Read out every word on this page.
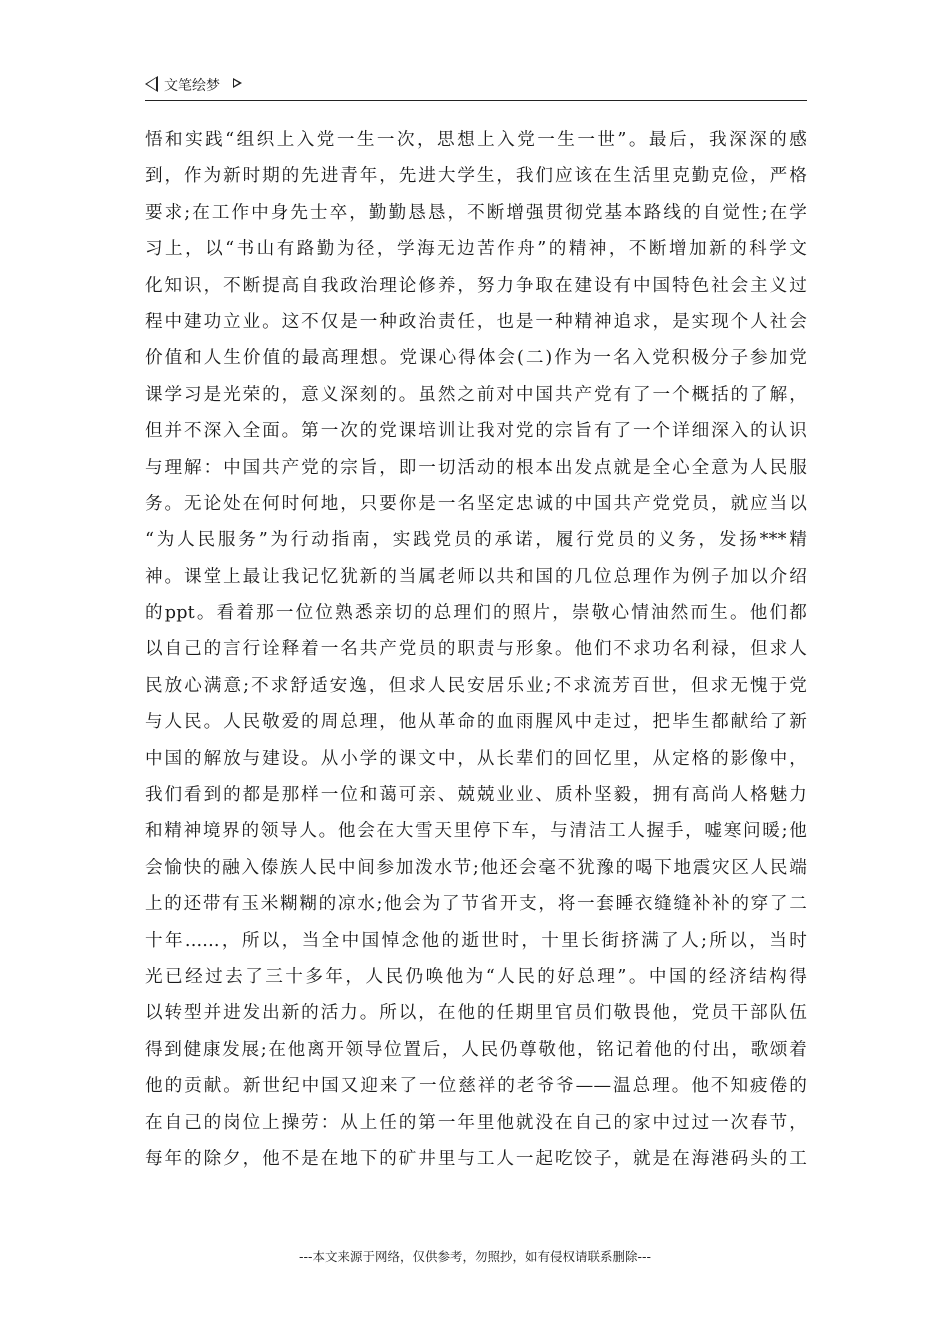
文笔绘梦
悟和实践“组织上入党一生一次，思想上入党一生一世”。最后，我深深的感
到，作为新时期的先进青年，先进大学生，我们应该在生活里克勤克俭，严格
要求;在工作中身先士卒，勤勤恳恳，不断增强贯彻党基本路线的自觉性;在学
习上，以“书山有路勤为径，学海无边苦作舟”的精神，不断增加新的科学文
化知识，不断提高自我政治理论修养，努力争取在建设有中国特色社会主义过
程中建功立业。这不仅是一种政治责任，也是一种精神追求，是实现个人社会
价值和人生价值的最高理想。党课心得体会(二)作为一名入党积极分子参加党
课学习是光荣的，意义深刻的。虽然之前对中国共产党有了一个概括的了解，
但并不深入全面。第一次的党课培训让我对党的宗旨有了一个详细深入的认识
与理解：中国共产党的宗旨，即一切活动的根本出发点就是全心全意为人民服
务。无论处在何时何地，只要你是一名坚定忠诚的中国共产党党员，就应当以
“为人民服务”为行动指南，实践党员的承诺，履行党员的义务，发扬***精
神。课堂上最让我记忆犹新的当属老师以共和国的几位总理作为例子加以介绍
的ppt。看着那一位位熟悉亲切的总理们的照片，崇敬心情油然而生。他们都
以自己的言行诠释着一名共产党员的职责与形象。他们不求功名利禄，但求人
民放心满意;不求舒适安逸，但求人民安居乐业;不求流芳百世，但求无愧于党
与人民。人民敬爱的周总理，他从革命的血雨腥风中走过，把毕生都献给了新
中国的解放与建设。从小学的课文中，从长辈们的回忆里，从定格的影像中，
我们看到的都是那样一位和蔼可亲、兢兢业业、质朴坚毅，拥有高尚人格魅力
和精神境界的领导人。他会在大雪天里停下车，与清洁工人握手，嘘寒问暖;他
会愉快的融入傣族人民中间参加泼水节;他还会毫不犹豫的喝下地震灾区人民端
上的还带有玉米糊糊的凉水;他会为了节省开支，将一套睡衣缝缝补补的穿了二
十年......，所以，当全中国悼念他的逝世时，十里长街挤满了人;所以，当时
光已经过去了三十多年，人民仍唤他为“人民的好总理”。中国的经济结构得
以转型并进发出新的活力。所以，在他的任期里官员们敬畏他，党员干部队伍
得到健康发展;在他离开领导位置后，人民仍尊敬他，铭记着他的付出，歌颂着
他的贡献。新世纪中国又迎来了一位慈祥的老爷爷——温总理。他不知疲倦的
在自己的岗位上操劳：从上任的第一年里他就没在自己的家中过过一次春节，
每年的除夕，他不是在地下的矿井里与工人一起吃饺子，就是在海港码头的工
---本文来源于网络，仅供参考，勿照抄，如有侵权请联系删除---
